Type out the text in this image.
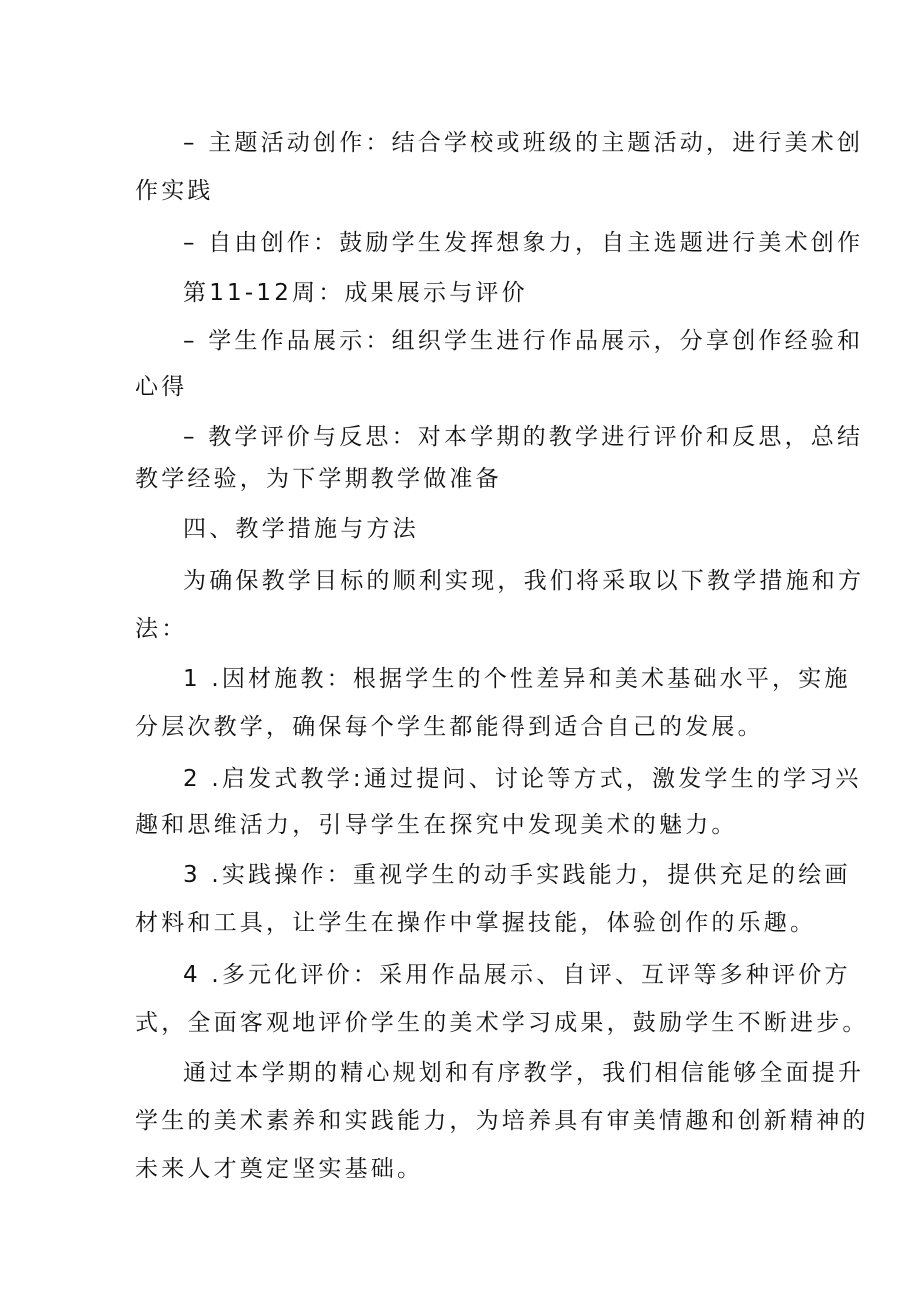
– 主题活动创作：结合学校或班级的主题活动，进行美术创
作实践
– 自由创作：鼓励学生发挥想象力，自主选题进行美术创作
第11-12周：成果展示与评价
– 学生作品展示：组织学生进行作品展示，分享创作经验和
心得
– 教学评价与反思：对本学期的教学进行评价和反思，总结
教学经验，为下学期教学做准备
四、教学措施与方法
为确保教学目标的顺利实现，我们将采取以下教学措施和方
法：
1 .因材施教：根据学生的个性差异和美术基础水平，实施
分层次教学，确保每个学生都能得到适合自己的发展。
2 .启发式教学:通过提问、讨论等方式，激发学生的学习兴
趣和思维活力，引导学生在探究中发现美术的魅力。
3 .实践操作：重视学生的动手实践能力，提供充足的绘画
材料和工具，让学生在操作中掌握技能，体验创作的乐趣。
4 .多元化评价：采用作品展示、自评、互评等多种评价方
式，全面客观地评价学生的美术学习成果，鼓励学生不断进步。
通过本学期的精心规划和有序教学，我们相信能够全面提升
学生的美术素养和实践能力，为培养具有审美情趣和创新精神的
未来人才奠定坚实基础。
